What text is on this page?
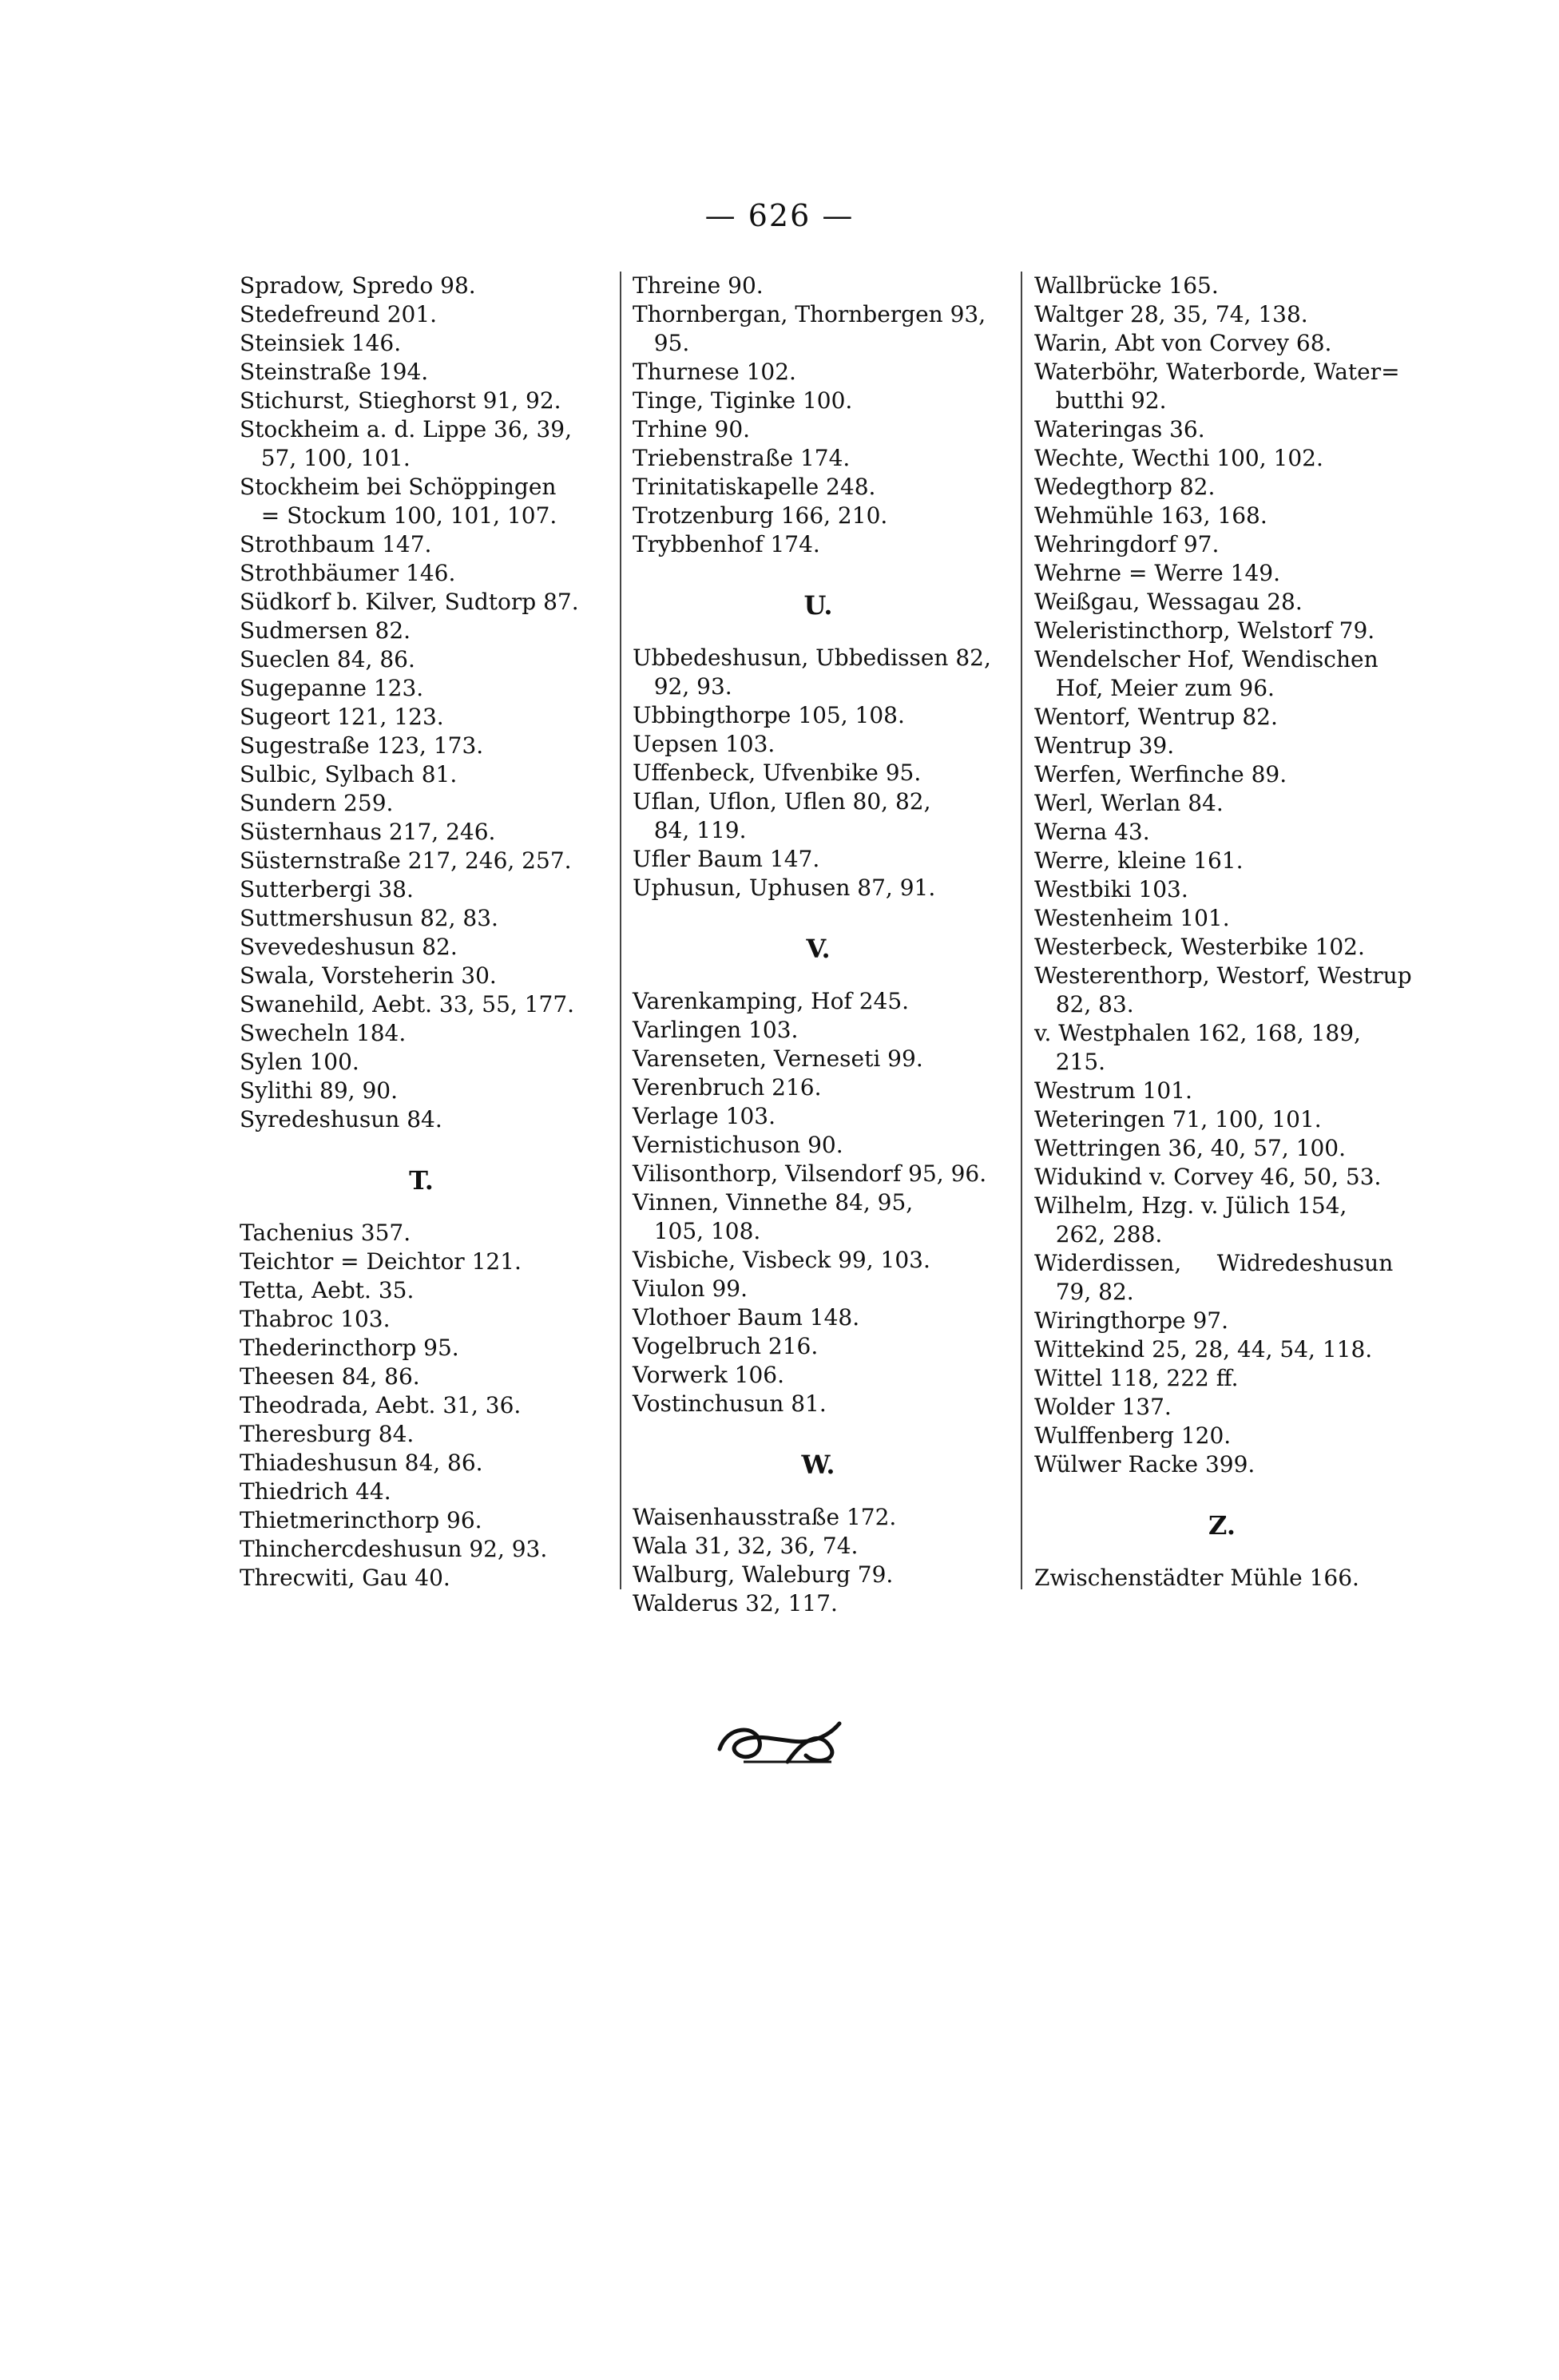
— 626 —
Spradow, Spredo 98.
Stedefreund 201.
Steinsiek 146.
Steinstraße 194.
Stichurst, Stieghorst 91, 92.
Stockheim a. d. Lippe 36, 39,
57, 100, 101.
Stockheim bei Schöppingen
= Stockum 100, 101, 107.
Strothbaum 147.
Strothbäumer 146.
Südkorf b. Kilver, Sudtorp 87.
Sudmersen 82.
Sueclen 84, 86.
Sugepanne 123.
Sugeort 121, 123.
Sugestraße 123, 173.
Sulbic, Sylbach 81.
Sundern 259.
Süsternhaus 217, 246.
Süsternstraße 217, 246, 257.
Sutterbergi 38.
Suttmershusun 82, 83.
Svevedeshusun 82.
Swala, Vorsteherin 30.
Swanehild, Aebt. 33, 55, 177.
Swecheln 184.
Sylen 100.
Sylithi 89, 90.
Syredeshusun 84.
T.
Tachenius 357.
Teichtor = Deichtor 121.
Tetta, Aebt. 35.
Thabroc 103.
Thederincthorp 95.
Theesen 84, 86.
Theodrada, Aebt. 31, 36.
Theresburg 84.
Thiadeshusun 84, 86.
Thiedrich 44.
Thietmerincthorp 96.
Thinchercdeshusun 92, 93.
Threcwiti, Gau 40.
Threine 90.
Thornbergan, Thornbergen 93,
95.
Thurnese 102.
Tinge, Tiginke 100.
Trhine 90.
Triebenstraße 174.
Trinitatiskapelle 248.
Trotzenburg 166, 210.
Trybbenhof 174.
U.
Ubbedeshusun, Ubbedissen 82,
92, 93.
Ubbingthorpe 105, 108.
Uepsen 103.
Uffenbeck, Ufvenbike 95.
Uflan, Uflon, Uflen 80, 82,
84, 119.
Ufler Baum 147.
Uphusun, Uphusen 87, 91.
V.
Varenkamping, Hof 245.
Varlingen 103.
Varenseten, Verneseti 99.
Verenbruch 216.
Verlage 103.
Vernistichuson 90.
Vilisonthorp, Vilsendorf 95, 96.
Vinnen, Vinnethe 84, 95,
105, 108.
Visbiche, Visbeck 99, 103.
Viulon 99.
Vlothoer Baum 148.
Vogelbruch 216.
Vorwerk 106.
Vostinchusun 81.
W.
Waisenhausstraße 172.
Wala 31, 32, 36, 74.
Walburg, Waleburg 79.
Walderus 32, 117.
Wallbrücke 165.
Waltger 28, 35, 74, 138.
Warin, Abt von Corvey 68.
Waterböhr, Waterborde, Water=
butthi 92.
Wateringas 36.
Wechte, Wecthi 100, 102.
Wedegthorp 82.
Wehmühle 163, 168.
Wehringdorf 97.
Wehrne = Werre 149.
Weißgau, Wessagau 28.
Weleristincthorp, Welstorf 79.
Wendelscher Hof, Wendischen
Hof, Meier zum 96.
Wentorf, Wentrup 82.
Wentrup 39.
Werfen, Werfinche 89.
Werl, Werlan 84.
Werna 43.
Werre, kleine 161.
Westbiki 103.
Westenheim 101.
Westerbeck, Westerbike 102.
Westerenthorp, Westorf, Westrup
82, 83.
v. Westphalen 162, 168, 189,
215.
Westrum 101.
Weteringen 71, 100, 101.
Wettringen 36, 40, 57, 100.
Widukind v. Corvey 46, 50, 53.
Wilhelm, Hzg. v. Jülich 154,
262, 288.
Widerdissen,     Widredeshusun
79, 82.
Wiringthorpe 97.
Wittekind 25, 28, 44, 54, 118.
Wittel 118, 222 ff.
Wolder 137.
Wulffenberg 120.
Wülwer Racke 399.
Z.
Zwischenstädter Mühle 166.
